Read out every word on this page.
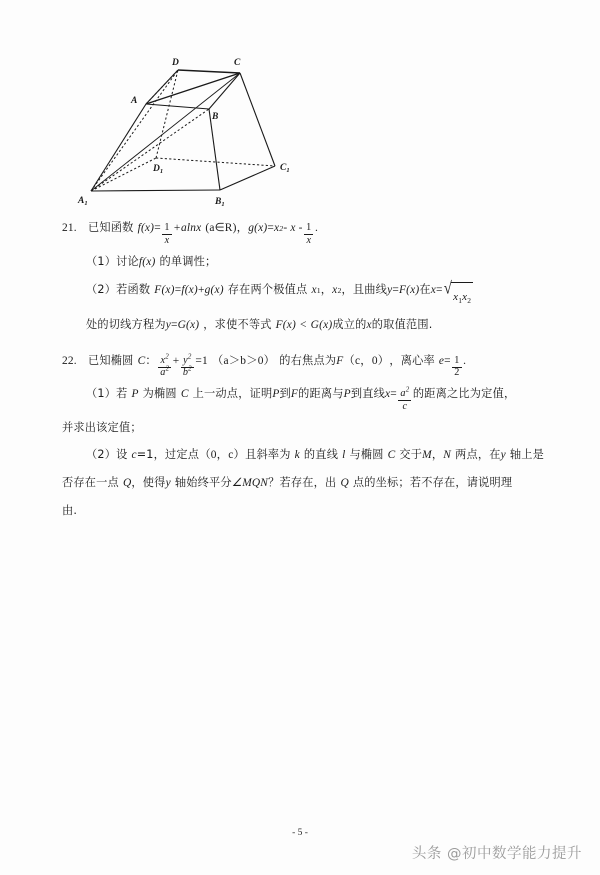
D	C
A
B
$D_1$	$C_1$
$A_1$	$B_1$
21. 已知函数 f $(x) = \frac{1}{x} +alnx$ (a∈R) ， g (x) = x 2 - x - $\frac{1}{x}$ .
（1） 讨论 f (x) 的单调性；
（2） 若函数 F (x) = f (x) + g (x) 存在两个极值点 x 1 ， x 2 ，且曲线 y = F (x) 在 x = √ $x_1x_2$
处的切线方程为 y = G (x) ，求使不等式 F (x) < G (x) 成立的 x 的取值范围.
22. 已知椭圆 C ： $\frac{x^2}{a^2} + \frac{y^2}{b^2} =1$ （a＞b＞0） 的右焦点为 F （c，0） ， 离心率 $e = \frac{1}{2}$ .
（1） 若 P 为椭圆 C 上一动点，证明 P 到 F 的距离与 P 到直线 $x = \frac{a^2}{c}$ 的距离之比为定值，
并求出该定值；
（2） 设 c =1，过定点 （0，c） 且斜率为 k 的直线 l 与椭圆 C 交于 M ， N 两点，在 y 轴上是
否存在一点 Q ，使得 y 轴始终平分 ∠MQN ？若存在，出 Q 点的坐标；若不存在，请说明理
由.
- 5 -
头条 @初中数学能力提升
